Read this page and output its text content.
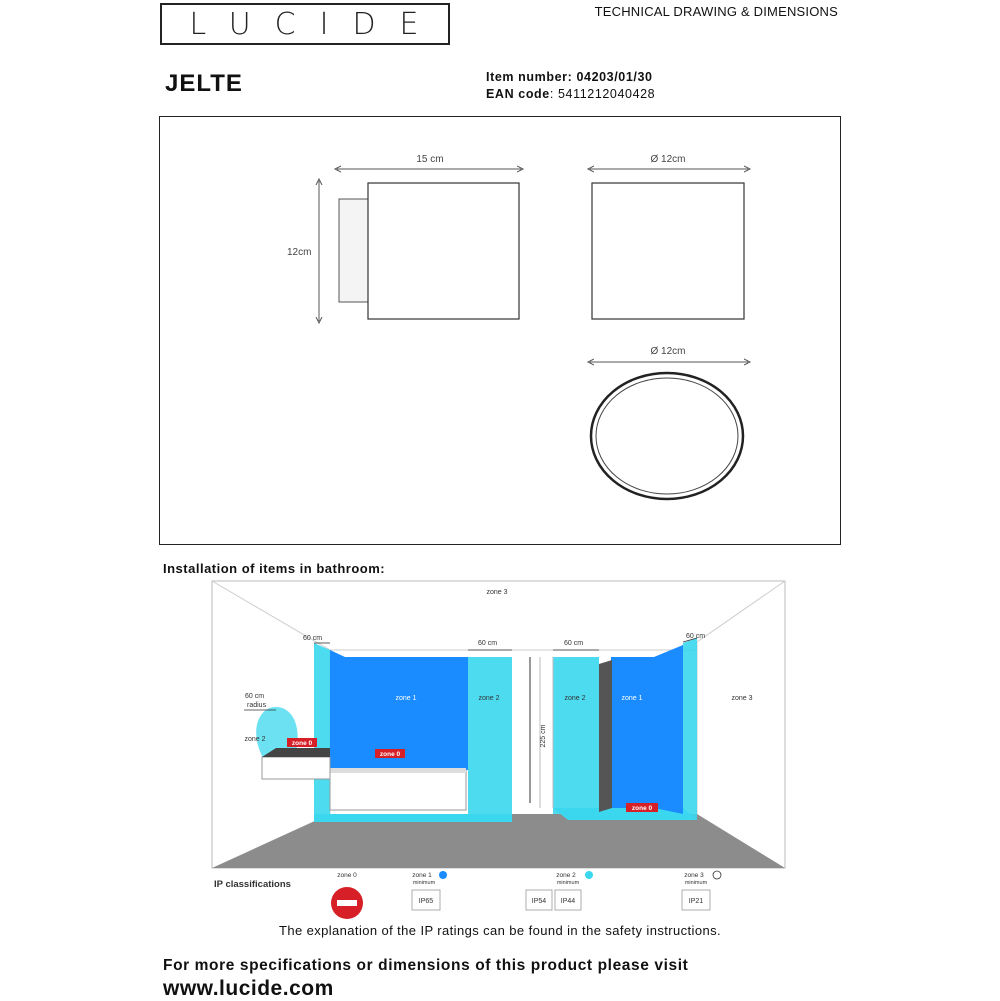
LUCIDE	TECHNICAL DRAWING & DIMENSIONS
JELTE	Item number: 04203/01/30
EAN code: 5411212040428
15 cm
12cm
Ø 12cm
Ø 12cm
Installation of items in bathroom:
225 cm
zone 0
zone 0
zone 0
zone 3
zone 3
zone 1	zone 1
zone 2	zone 2
zone 2
60 cm
60 cm	60 cm
60 cm
60 cm
radius
IP classifications
zone 0	zone 1
minimum
IP65
zone 2
minimum
IP54 IP44
zone 3
minimum
IP21
The explanation of the IP ratings can be found in the safety instructions.
For more specifications or dimensions of this product please visit
www.lucide.com
